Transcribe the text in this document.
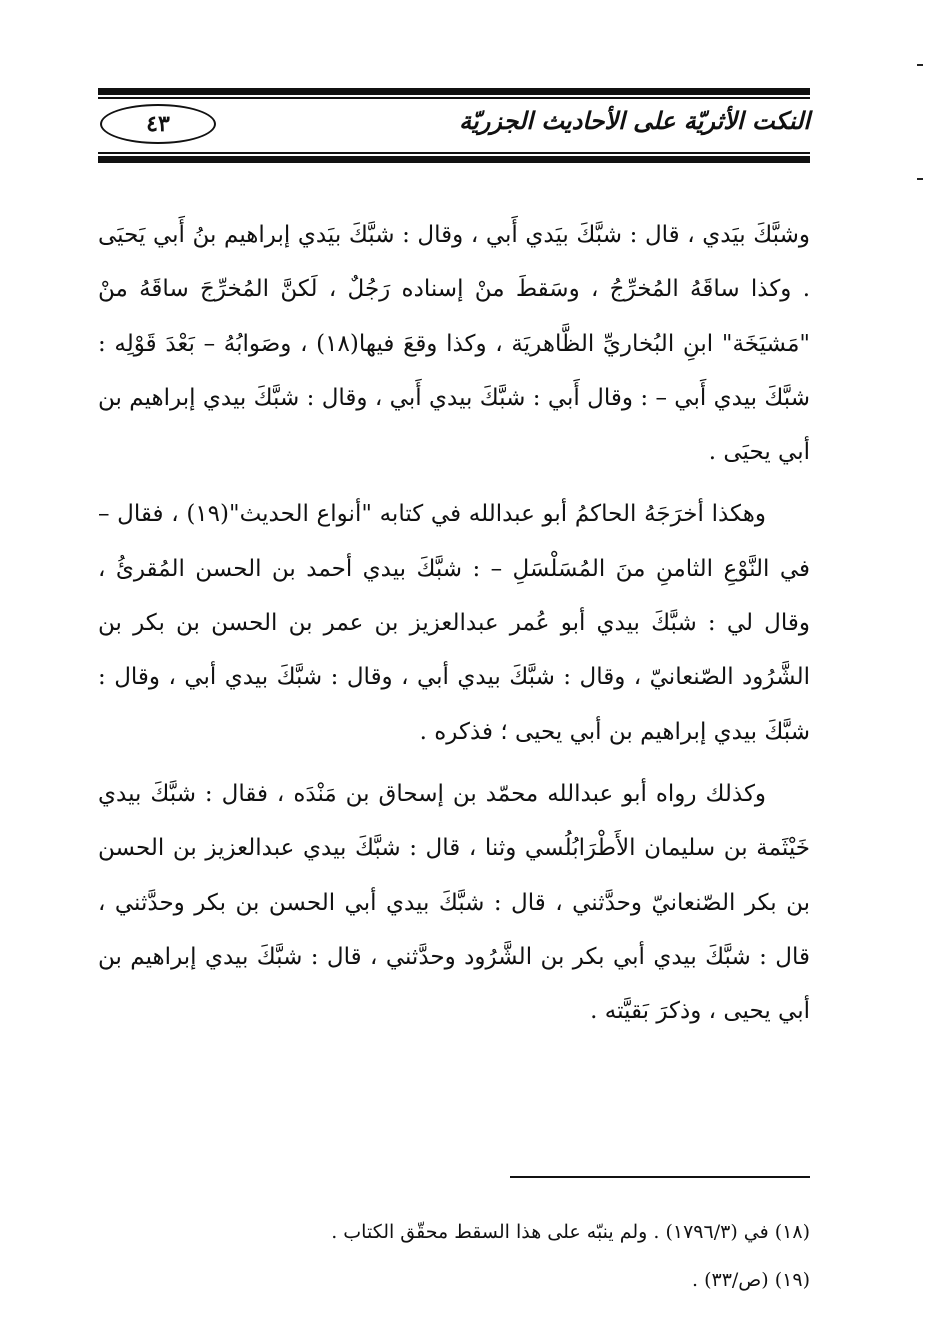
٤٣	النكت الأثريّة على الأحاديث الجزريّة

وشبَّكَ بيَدي ، قال : شبَّكَ بيَدي أَبي ، وقال : شبَّكَ بيَدي إبراهيم بنُ أَبي يَحيَى . وكذا ساقَهُ المُخرِّجُ ، وسَقطَ منْ إسناده رَجُلٌ ، لَكنَّ المُخرِّجَ ساقَهُ منْ "مَشيَخَة" ابنِ البُخاريِّ الظَّاهريَة ، وكذا وقعَ فيها(١٨) ، وصَوابُهُ – بَعْدَ قَوْلِه : شبَّكَ بيدي أَبي – : وقال أَبي : شبَّكَ بيدي أَبي ، وقال : شبَّكَ بيدي إبراهيم بن أبي يحيَى .

وهكذا أخرَجَهُ الحاكمُ أبو عبدالله في كتابه "أنواع الحديث"(١٩) ، فقال – في النَّوْعِ الثامنِ منَ المُسَلْسَلِ – : شبَّكَ بيدي أحمد بن الحسن المُقرئُ ، وقال لي : شبَّكَ بيدي أبو عُمر عبدالعزيز بن عمر بن الحسن بن بكر بن الشَّرُود الصّنعانيّ ، وقال : شبَّكَ بيدي أبي ، وقال : شبَّكَ بيدي أبي ، وقال : شبَّكَ بيدي إبراهيم بن أبي يحيى ؛ فذكره .

وكذلك رواه أبو عبدالله محمّد بن إسحاق بن مَنْدَه ، فقال : شبَّكَ بيدي خَيْثَمة بن سليمان الأَطْرَابُلُسي وثنا ، قال : شبَّكَ بيدي عبدالعزيز بن الحسن بن بكر الصّنعانيّ وحدَّثني ، قال : شبَّكَ بيدي أبي الحسن بن بكر وحدَّثني ، قال : شبَّكَ بيدي أبي بكر بن الشَّرُود وحدَّثني ، قال : شبَّكَ بيدي إبراهيم بن أبي يحيى ، وذكرَ بَقيَّته .

(١٨) في (١٧٩٦/٣) . ولم ينبّه على هذا السقط محقّق الكتاب .

(١٩) (ص/٣٣) .
